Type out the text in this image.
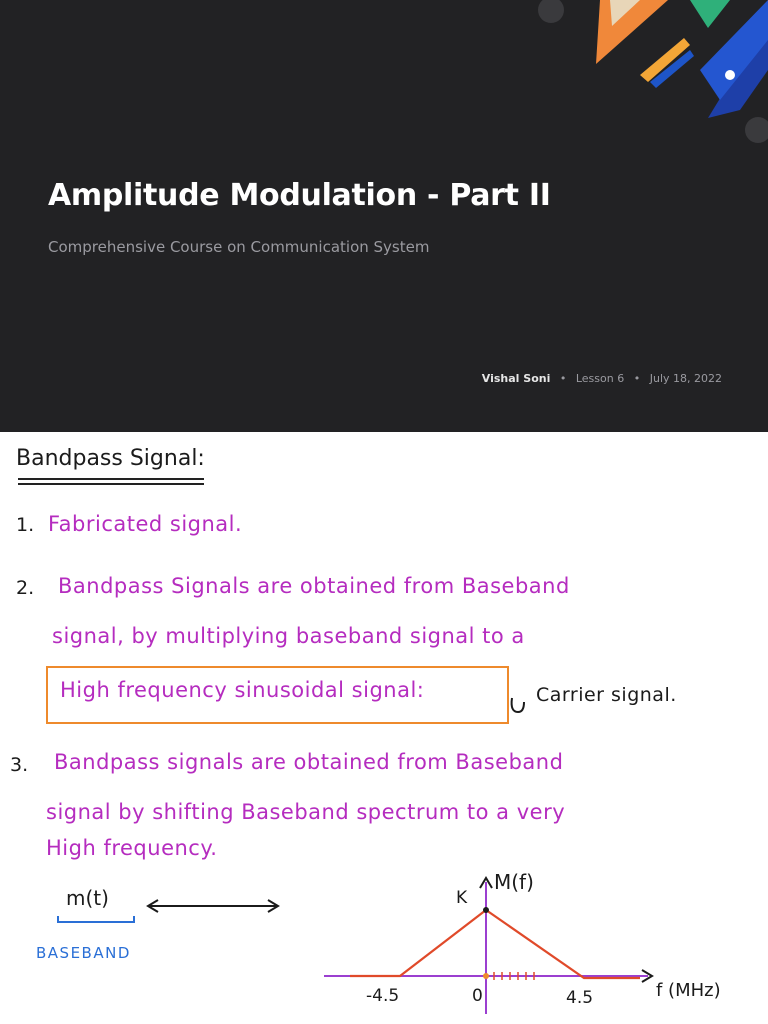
Amplitude Modulation - Part II
Comprehensive Course on Communication System
Vishal Soni • Lesson 6 • July 18, 2022
Bandpass Signal:
1. Fabricated signal.
2. Bandpass Signals are obtained from Baseband
signal, by multiplying baseband signal to a
High frequency sinusoidal signal:	Carrier signal.
3. Bandpass signals are obtained from Baseband
signal by shifting Baseband spectrum to a very
High frequency.
m(t)
BASEBAND
M(f)
K
-4.5	0	4.5	f (MHz)
